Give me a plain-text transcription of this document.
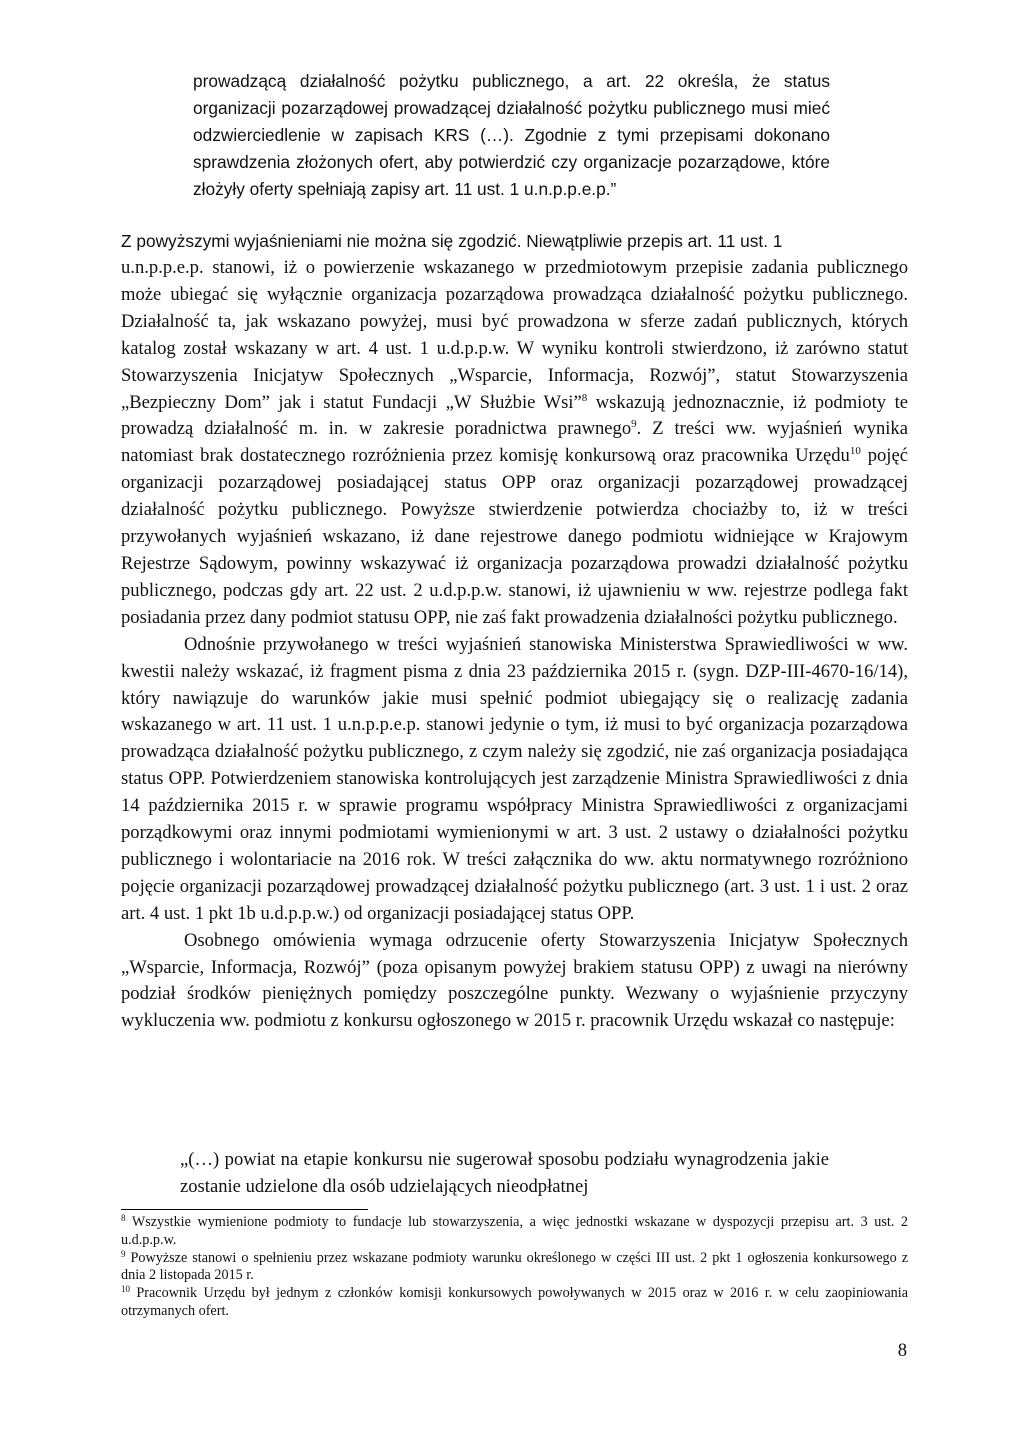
prowadzącą działalność pożytku publicznego, a art. 22 określa, że status organizacji pozarządowej prowadzącej działalność pożytku publicznego musi mieć odzwierciedlenie w zapisach KRS (…). Zgodnie z tymi przepisami dokonano sprawdzenia złożonych ofert, aby potwierdzić czy organizacje pozarządowe, które złożyły oferty spełniają zapisy art. 11 ust. 1 u.n.p.p.e.p.”

Z powyższymi wyjaśnieniami nie można się zgodzić. Niewątpliwie przepis art. 11 ust. 1

u.n.p.p.e.p. stanowi, iż o powierzenie wskazanego w przedmiotowym przepisie zadania publicznego może ubiegać się wyłącznie organizacja pozarządowa prowadząca działalność pożytku publicznego. Działalność ta, jak wskazano powyżej, musi być prowadzona w sferze zadań publicznych, których katalog został wskazany w art. 4 ust. 1 u.d.p.p.w. W wyniku kontroli stwierdzono, iż zarówno statut Stowarzyszenia Inicjatyw Społecznych „Wsparcie, Informacja, Rozwój”, statut Stowarzyszenia „Bezpieczny Dom” jak i statut Fundacji „W Służbie Wsi”$^8$ wskazują jednoznacznie, iż podmioty te prowadzą działalność m. in. w zakresie poradnictwa prawnego$^9$. Z treści ww. wyjaśnień wynika natomiast brak dostatecznego rozróżnienia przez komisję konkursową oraz pracownika Urzędu$^{10}$ pojęć organizacji pozarządowej posiadającej status OPP oraz organizacji pozarządowej prowadzącej działalność pożytku publicznego. Powyższe stwierdzenie potwierdza chociażby to, iż w treści przywołanych wyjaśnień wskazano, iż dane rejestrowe danego podmiotu widniejące w Krajowym Rejestrze Sądowym, powinny wskazywać iż organizacja pozarządowa prowadzi działalność pożytku publicznego, podczas gdy art. 22 ust. 2 u.d.p.p.w. stanowi, iż ujawnieniu w ww. rejestrze podlega fakt posiadania przez dany podmiot statusu OPP, nie zaś fakt prowadzenia działalności pożytku publicznego.

Odnośnie przywołanego w treści wyjaśnień stanowiska Ministerstwa Sprawiedliwości w ww. kwestii należy wskazać, iż fragment pisma z dnia 23 października 2015 r. (sygn. DZP-III-4670-16/14), który nawiązuje do warunków jakie musi spełnić podmiot ubiegający się o realizację zadania wskazanego w art. 11 ust. 1 u.n.p.p.e.p. stanowi jedynie o tym, iż musi to być organizacja pozarządowa prowadząca działalność pożytku publicznego, z czym należy się zgodzić, nie zaś organizacja posiadająca status OPP. Potwierdzeniem stanowiska kontrolujących jest zarządzenie Ministra Sprawiedliwości z dnia 14 października 2015 r. w sprawie programu współpracy Ministra Sprawiedliwości z organizacjami porządkowymi oraz innymi podmiotami wymienionymi w art. 3 ust. 2 ustawy o działalności pożytku publicznego i wolontariacie na 2016 rok. W treści załącznika do ww. aktu normatywnego rozróżniono pojęcie organizacji pozarządowej prowadzącej działalność pożytku publicznego (art. 3 ust. 1 i ust. 2 oraz art. 4 ust. 1 pkt 1b u.d.p.p.w.) od organizacji posiadającej status OPP.

Osobnego omówienia wymaga odrzucenie oferty Stowarzyszenia Inicjatyw Społecznych „Wsparcie, Informacja, Rozwój” (poza opisanym powyżej brakiem statusu OPP) z uwagi na nierówny podział środków pieniężnych pomiędzy poszczególne punkty. Wezwany o wyjaśnienie przyczyny wykluczenia ww. podmiotu z konkursu ogłoszonego w 2015 r. pracownik Urzędu wskazał co następuje:

„(…) powiat na etapie konkursu nie sugerował sposobu podziału wynagrodzenia jakie zostanie udzielone dla osób udzielających nieodpłatnej

$^8$ Wszystkie wymienione podmioty to fundacje lub stowarzyszenia, a więc jednostki wskazane w dyspozycji przepisu art. 3 ust. 2 u.d.p.p.w.

$^9$ Powyższe stanowi o spełnieniu przez wskazane podmioty warunku określonego w części III ust. 2 pkt 1 ogłoszenia konkursowego z dnia 2 listopada 2015 r.

$^{10}$ Pracownik Urzędu był jednym z członków komisji konkursowych powoływanych w 2015 oraz w 2016 r. w celu zaopiniowania otrzymanych ofert.

8
